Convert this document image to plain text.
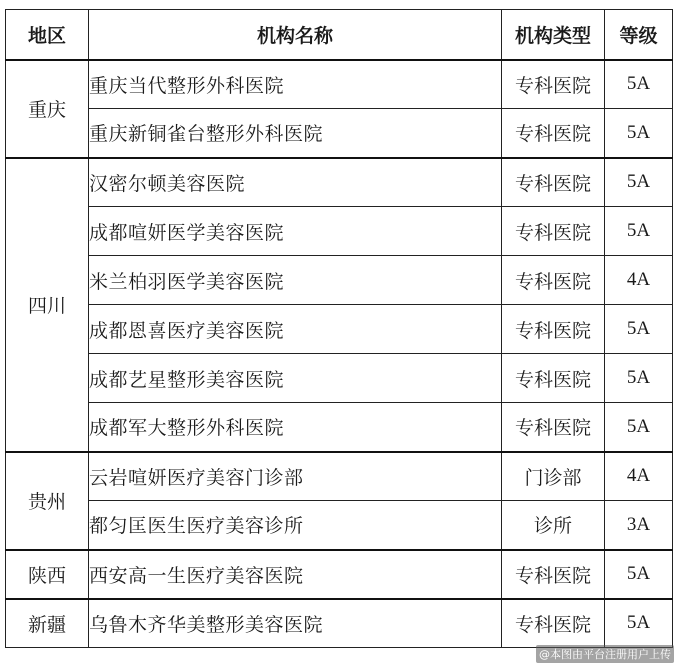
地区	机构名称	机构类型	等级
重庆	重庆当代整形外科医院	专科医院	5A
	重庆新铜雀台整形外科医院	专科医院	5A
四川	汉密尔顿美容医院	专科医院	5A
	成都喧妍医学美容医院	专科医院	5A
	米兰柏羽医学美容医院	专科医院	4A
	成都恩喜医疗美容医院	专科医院	5A
	成都艺星整形美容医院	专科医院	5A
	成都军大整形外科医院	专科医院	5A
贵州	云岩喧妍医疗美容门诊部	门诊部	4A
	都匀匡医生医疗美容诊所	诊所	3A
陕西	西安高一生医疗美容医院	专科医院	5A
新疆	乌鲁木齐华美整形美容医院	专科医院	5A
@本图由平台注册用户上传
